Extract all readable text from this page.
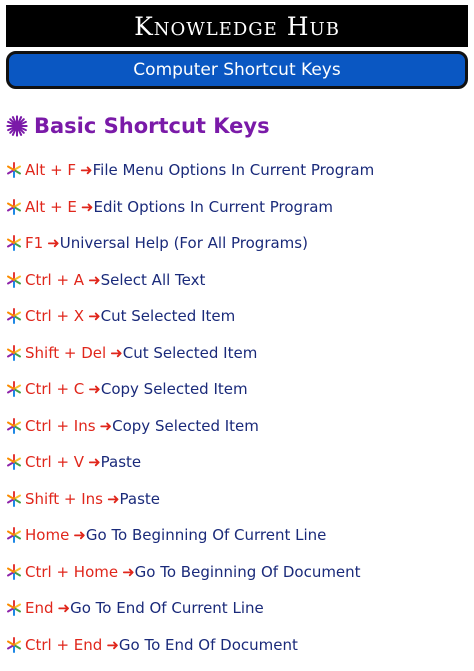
Knowledge Hub
Computer Shortcut Keys
Basic Shortcut Keys
Alt + F ➜ File Menu Options In Current Program
Alt + E ➜ Edit Options In Current Program
F1 ➜ Universal Help (For All Programs)
Ctrl + A ➜ Select All Text
Ctrl + X ➜ Cut Selected Item
Shift + Del ➜ Cut Selected Item
Ctrl + C ➜ Copy Selected Item
Ctrl + Ins ➜ Copy Selected Item
Ctrl + V ➜ Paste
Shift + Ins ➜ Paste
Home ➜ Go To Beginning Of Current Line
Ctrl + Home ➜ Go To Beginning Of Document
End ➜ Go To End Of Current Line
Ctrl + End ➜ Go To End Of Document
